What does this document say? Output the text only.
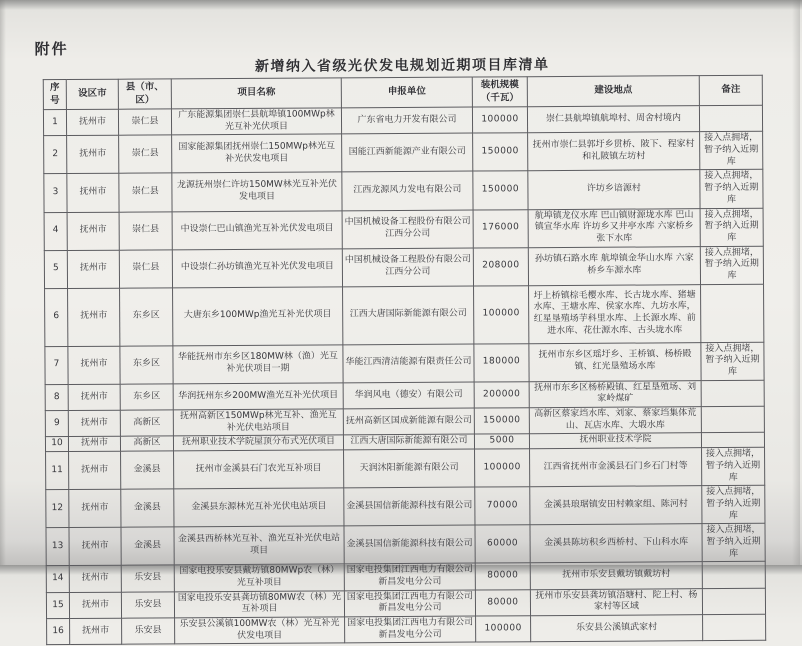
附件
新增纳入省级光伏发电规划近期项目库清单
序号	设区市	县（市、区）	项目名称	申报单位	装机规模（千瓦）	建设地点	备注
1	抚州市	崇仁县	广东能源集团崇仁县航埠镇100MWp林光互补光伏项目	广东省电力开发有限公司	100000	崇仁县航埠镇航埠村、周舍村境内	
2	抚州市	崇仁县	国家能源集团抚州崇仁150MWp林光互补光伏发电项目	国能江西新能源产业有限公司	150000	抚州市崇仁县郭圩乡贯桥、陂下、程家村和礼陂镇左坊村	接入点拥堵，暂予纳入近期库
3	抚州市	崇仁县	龙源抚州崇仁许坊150MW林光互补光伏发电项目	江西龙源风力发电有限公司	150000	许坊乡谙源村	接入点拥堵，暂予纳入近期库
4	抚州市	崇仁县	中设崇仁巴山镇渔光互补光伏发电项目	中国机械设备工程股份有限公司江西分公司	176000	航埠镇龙仪水库 巴山镇财源垅水库 巴山镇宣华水库 许坊乡又井亭水库 六家桥乡张下水库	接入点拥堵，暂予纳入近期库
5	抚州市	崇仁县	中设崇仁孙坊镇渔光互补光伏发电项目	中国机械设备工程股份有限公司江西分公司	208000	孙坊镇石路水库 航埠镇金华山水库 六家桥乡车源水库	接入点拥堵，暂予纳入近期库
6	抚州市	东乡区	大唐东乡100MWp渔光互补光伏项目	江西大唐国际新能源有限公司	100000	圩上桥镇棕毛樱水库、长古垅水库、猪塘水库、王塘水库、侯家水库、九坊水库，红星垦殖场芋科里水库、上长源水库、前进水库、花仕源水库、古头垅水库	
7	抚州市	东乡区	华能抚州市东乡区180MW林（渔）光互补光伏项目一期	华能江西清洁能源有限责任公司	180000	抚州市东乡区瑶圩乡、王桥镇、杨桥殿镇、红光垦殖场水库	接入点拥堵，暂予纳入近期库
8	抚州市	东乡区	华润抚州东乡200MW渔光互补光伏项目	华润风电（德安）有限公司	200000	抚州市东乡区杨桥殿镇、红星垦殖场、刘家岭煤矿	
9	抚州市	高新区	抚州高新区150MWp林光互补、渔光互补光伏电站项目	抚州高新区国成新能源有限公司	150000	高新区蔡家垱水库、刘家、蔡家垱集体荒山、瓦店水库、大塅水库	
10	抚州市	高新区	抚州职业技术学院屋顶分布式光伏项目	江西大唐国际新能源有限公司	5000	抚州职业技术学院	
11	抚州市	金溪县	抚州市金溪县石门农光互补项目	天润沐阳新能源有限公司	100000	江西省抚州市金溪县石门乡石门村等	接入点拥堵，暂予纳入近期库
12	抚州市	金溪县	金溪县东源林光互补光伏电站项目	金溪县国信新能源科技有限公司	70000	金溪县琅琚镇安田村赖家组、陈河村	接入点拥堵，暂予纳入近期库
13	抚州市	金溪县	金溪县西桥林光互补、渔光互补光伏电站项目	金溪县国信新能源科技有限公司	60000	金溪县陈坊积乡西桥村、下山科水库	接入点拥堵，暂予纳入近期库
14	抚州市	乐安县	国家电投乐安县戴坊镇80MWp农（林）光互补项目	国家电投集团江西电力有限公司新昌发电分公司	80000	抚州市乐安县戴坊镇戴坊村	
15	抚州市	乐安县	国家电投乐安县龚坊镇80MW农（林）光互补项目	国家电投集团江西电力有限公司新昌发电分公司	80000	抚州市乐安县龚坊镇浯塘村、陀上村、杨家村等区域	
16	抚州市	乐安县	乐安县公溪镇100MW农（林）光互补光伏发电项目	国家电投集团江西电力有限公司新昌发电分公司	100000	乐安县公溪镇武家村	
